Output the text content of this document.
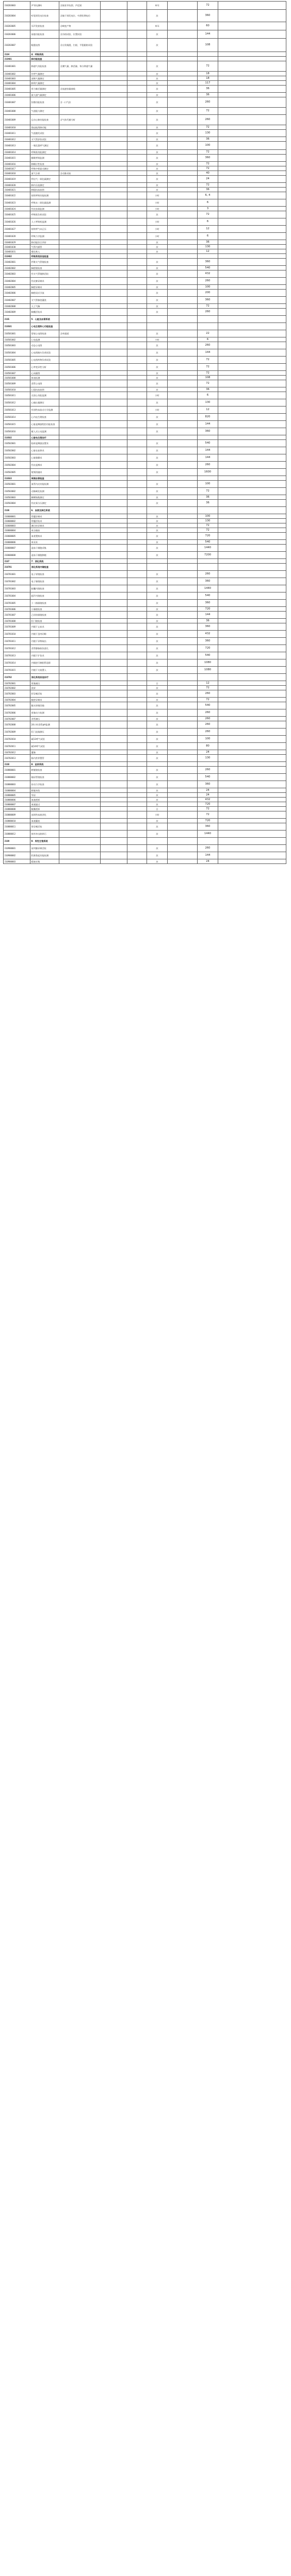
310203003	声导抗测听	含鼓室导抗图、声反射			单耳		72	
310203004	听觉诱发电位检查	含脑干诱发电位、中潜伏期电位			次		360	
310203005	耳声发射检查	含畸变产物			单耳		60	
310203006	前庭功能检查	含冷热试验、位置试验			次		144	
310203007	眼震电图	含自发眼震、扫视、平稳跟踪试验			次		108	
3104	4．呼吸系统							
310401	肺功能检查							
310401001	肺通气功能检查	含潮气量、肺活量、每分钟通气量			次		72	
310401002	补呼气量测定				次		18	
310401003	深吸气量测定				次		18	
310401004	肺残气量测定				次		117	
310401005	用力肺活量测定	含流速容量曲线			次		36	
310401006	最大通气量测定				次		36	
310401007	弥散功能检查	含一口气法			次		260	
310401008	气道阻力测定				次		72	
310401009	运动心肺功能检查	含气体代谢分析			次		260	
310401010	强迫振荡肺功能				次		72	
310401011	气道激发试验				次		130	
310401012	支气管舒张试验				次		36	
310401013	一氧化氮呼气测定				次		100	
310401014	呼吸肌功能测定				次		72	
310401015	睡眠呼吸监测				次		360	
310401016	肺顺应性检查				次		72	
310401017	呼吸中枢驱动测定				次		72	
310401018	血气分析	含动脉采血			次		40	
310401019	呼出气一氧化碳测定				次		24	
310401020	肺内分流测定				次		72	
310401021	肺阻抗血流图				次		36	
310401022	持续呼吸功能检测				小时		6, 4	
310401023	呼吸末二氧化碳监测				小时		6	
310401024	经皮血氧监测				小时		3	
310401025	呼吸肌负荷试验				次		72	
310401026	人工呼吸机监测				小时		6	
310401027	持续呼气末正压				小时		12	
310401028	呼吸力学监测				小时		6	
310401029	肺功能综合评价				次		36	
310401030	气管内插管				次		130	
310401031	雾化吸入				次		12	
310402	呼吸系统其他检查							
310402001	纤维支气管镜检查				次		360	
310402002	胸腔镜检查				次		540	
310402003	经支气管镜肺活检				次		432	
310402004	经皮肺穿刺术				次		260	
310402005	胸腔穿刺术				次		100	
310402006	胸腔闭式引流				次		200	
310402007	支气管肺泡灌洗				次		360	
310402008	人工气胸				次		72	
310402009	胸膜活检术				次		260	
3105	5．心脏及血管系统							
310501	心电生理和心功能检查							
310501001	常规心电图检查	含单通道			次		22	
310501002	心电监测				小时		6	
310501003	动态心电图				次		260	
310501004	心电图踏车负荷试验				次		144	
310501005	心电图药物负荷试验				次		72	
310501006	心率变异性分析				次		72	
310501007	心向量图				次		72	
310501008	体表标测				次		108	
310501009	食管心电图				次		72	
310501010	心阻抗血流图				次		36	
310501011	无创心功能监测				小时		6	
310501012	心输出量测定				次		130	
310501013	有创性血流动力学监测				小时		12	
310501014	心内电生理检查				次		820	
310501015	心脏起搏器程控功能检查				次		144	
310501016	植入式心电监测				次		360	
310502	心脏电生理治疗							
310502001	临时起搏器安置术				次		540	
310502002	心脏电复律术				次		144	
310502003	心脏除颤术				次		144	
310502004	经皮起搏术				次		260	
310502005	射频消融术				次		1600	
310503	周围血管检查							
310503001	血管内皮功能检测				次		100	
310503002	动脉硬化检测				次		72	
310503003	踝臂指数测定				次		36	
310503004	经皮氧分压测定				次		36	
3106	6．血液及淋巴系统							
310600001	骨髓穿刺术				次		100	
310600002	骨髓活检术				次		130	
310600003	淋巴结穿刺术				次		72	
310600004	成分输血				次		72	
310600005	血浆置换术				次		720	
310600006	单采术				次		540	
310600007	造血干细胞采集				次		1440	
310600008	造血干细胞移植				次		7200	
3107	7．消化系统							
310701	消化系统内镜检查							
310701001	电子胃镜检查				次		260	
310701002	电子肠镜检查				次		360	
310701003	胶囊内镜检查				次		1440	
310701004	超声内镜检查				次		540	
310701005	十二指肠镜检查				次		360	
310701006	小肠镜检查				次		720	
310701007	乙状结肠镜检查				次		144	
310701008	肛门镜检查				次		36	
310701009	内镜下止血术				次		360	
310701010	内镜下息肉切除				次		432	
310701011	内镜下异物取出				次		360	
310701012	食管静脉曲张套扎				次		720	
310701013	内镜下扩张术				次		540	
310701014	内镜逆行胰胆管造影				次		1080	
310701015	内镜下支架置入				次		1080	
310702	消化系统其他诊疗							
310702001	胃肠减压				日		12	
310702002	洗胃				次		72	
310702003	肝穿刺活检				次		260	
310702004	腹腔穿刺术				次		72	
310702005	腹水浓缩回输				次		540	
310702006	胃肠动力检测				次		260	
310702007	食管测压				次		260	
310702008	24小时食管pH监测				次		260	
310702009	肛门直肠测压				次		260	
310702010	碳13呼气试验				次		100	
310702011	碳14呼气试验				次		80	
310702012	灌肠				次		24	
310702013	肠内营养置管				次		130	
3108	8．泌尿系统							
310800001	膀胱镜检查				次		260	
310800002	输尿管镜检查				次		540	
310800003	尿动力学检查				次		360	
310800004	膀胱冲洗				次		24	
310800005	导尿				次		24	
310800006	血液透析				次		432	
310800007	血液滤过				次		720	
310800008	腹膜透析				日		72	
310800009	连续性血液净化				小时		72	
310800010	血液灌流				次		720	
310800011	肾穿刺活检				次		360	
310800012	体外冲击波碎石				次		1440	
3109	9．男性生殖系统							
310900001	前列腺穿刺活检				次		260	
310900002	阴茎勃起功能检测				次		144	
310900003	精液采集				次		24	
